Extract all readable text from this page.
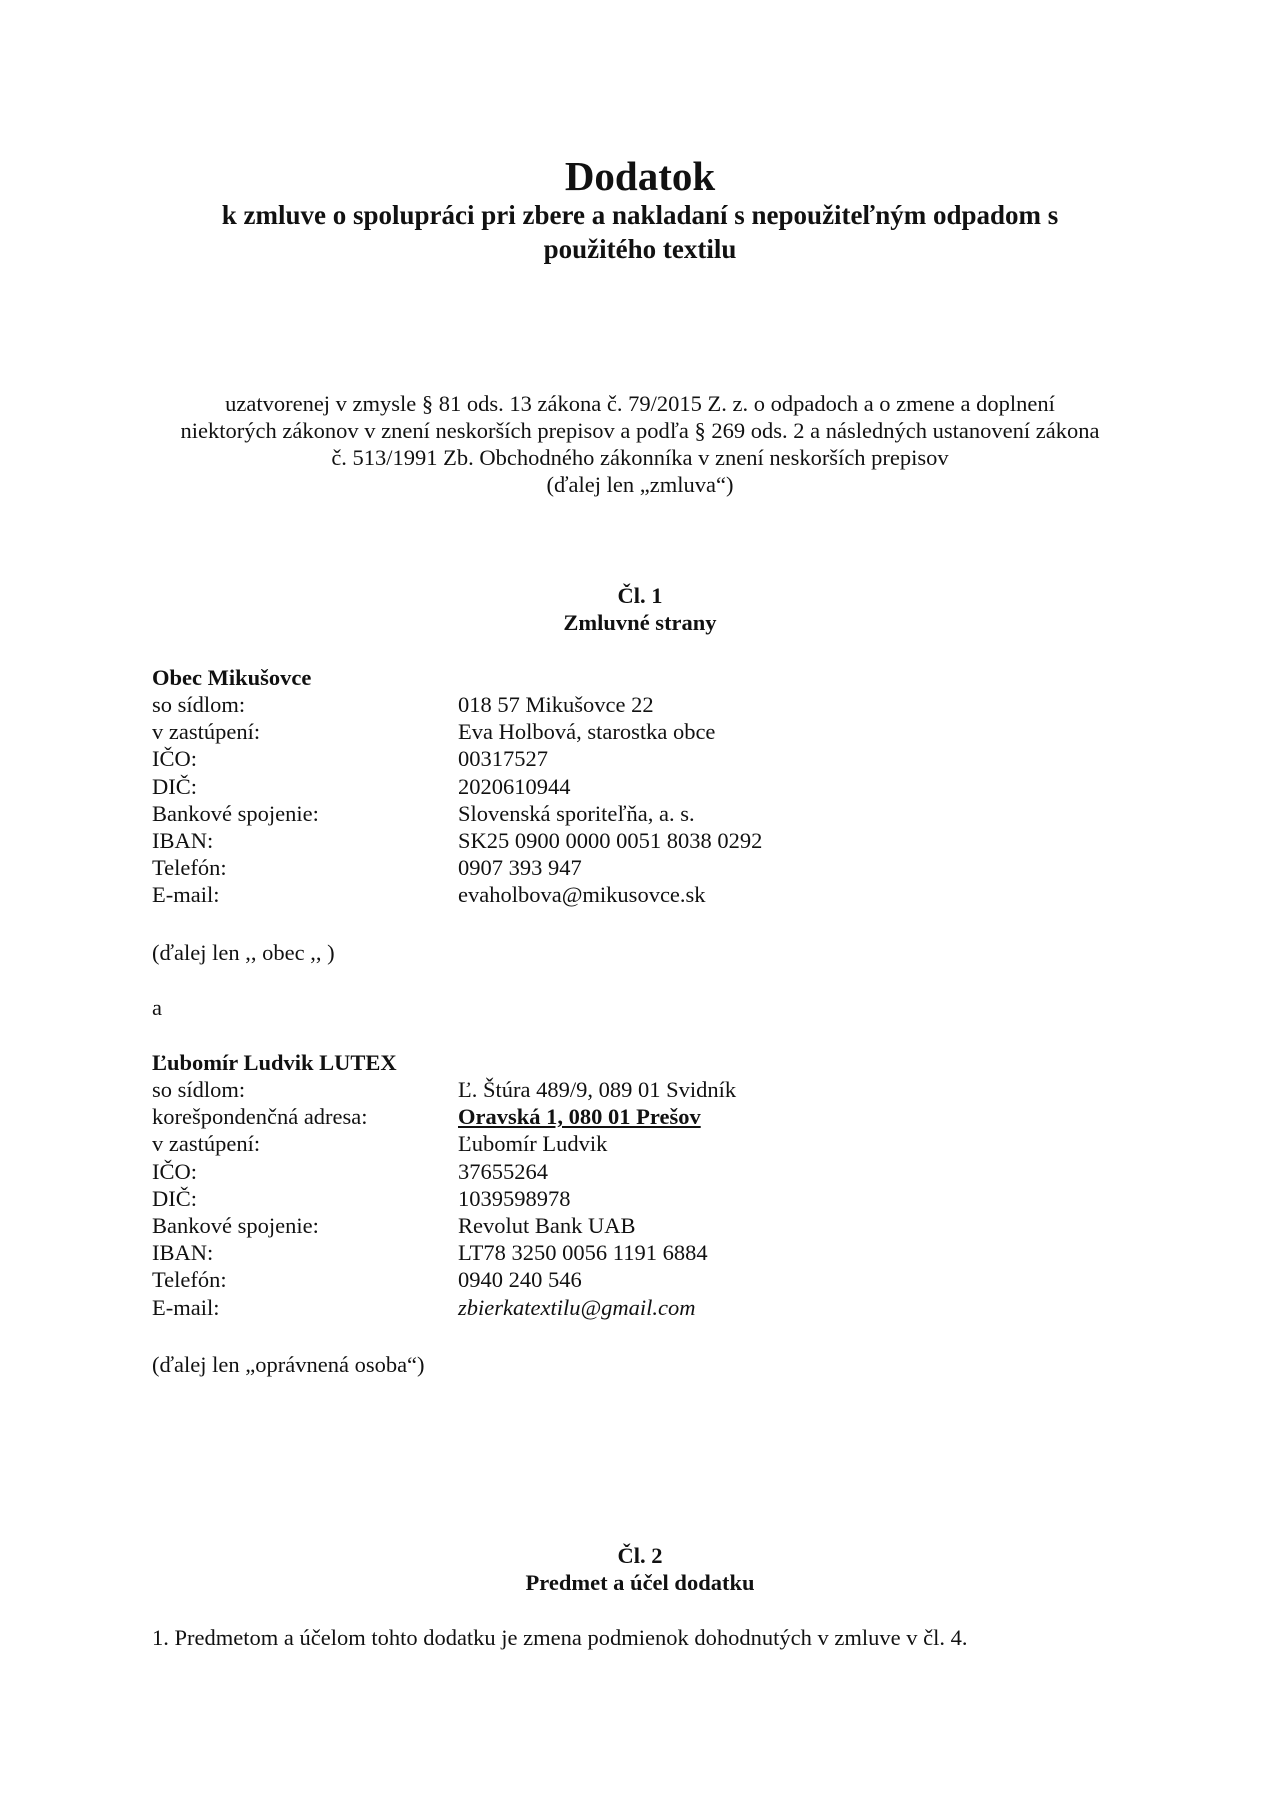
Dodatok
k zmluve o spolupráci pri zbere a nakladaní s nepoužiteľným odpadom s
použitého textilu
uzatvorenej v zmysle § 81 ods. 13 zákona č. 79/2015 Z. z. o odpadoch a o zmene a doplnení
niektorých zákonov v znení neskorších prepisov a podľa § 269 ods. 2 a následných ustanovení zákona
č. 513/1991 Zb. Obchodného zákonníka v znení neskorších prepisov
(ďalej len „zmluva“)
Čl. 1
Zmluvné strany
Obec Mikušovce
so sídlom:	018 57 Mikušovce 22
v zastúpení:	Eva Holbová, starostka obce
IČO:	00317527
DIČ:	2020610944
Bankové spojenie:	Slovenská sporiteľňa, a. s.
IBAN:	SK25 0900 0000 0051 8038 0292
Telefón:	0907 393 947
E-mail:	evaholbova@mikusovce.sk
(ďalej len ,, obec ,, )
a
Ľubomír Ludvik LUTEX
so sídlom:	Ľ. Štúra 489/9, 089 01 Svidník
korešpondenčná adresa:	Oravská 1, 080 01 Prešov
v zastúpení:	Ľubomír Ludvik
IČO:	37655264
DIČ:	1039598978
Bankové spojenie:	Revolut Bank UAB
IBAN:	LT78 3250 0056 1191 6884
Telefón:	0940 240 546
E-mail:	zbierkatextilu@gmail.com
(ďalej len „oprávnená osoba“)
Čl. 2
Predmet a účel dodatku
1. Predmetom a účelom tohto dodatku je zmena podmienok dohodnutých v zmluve v čl. 4.
